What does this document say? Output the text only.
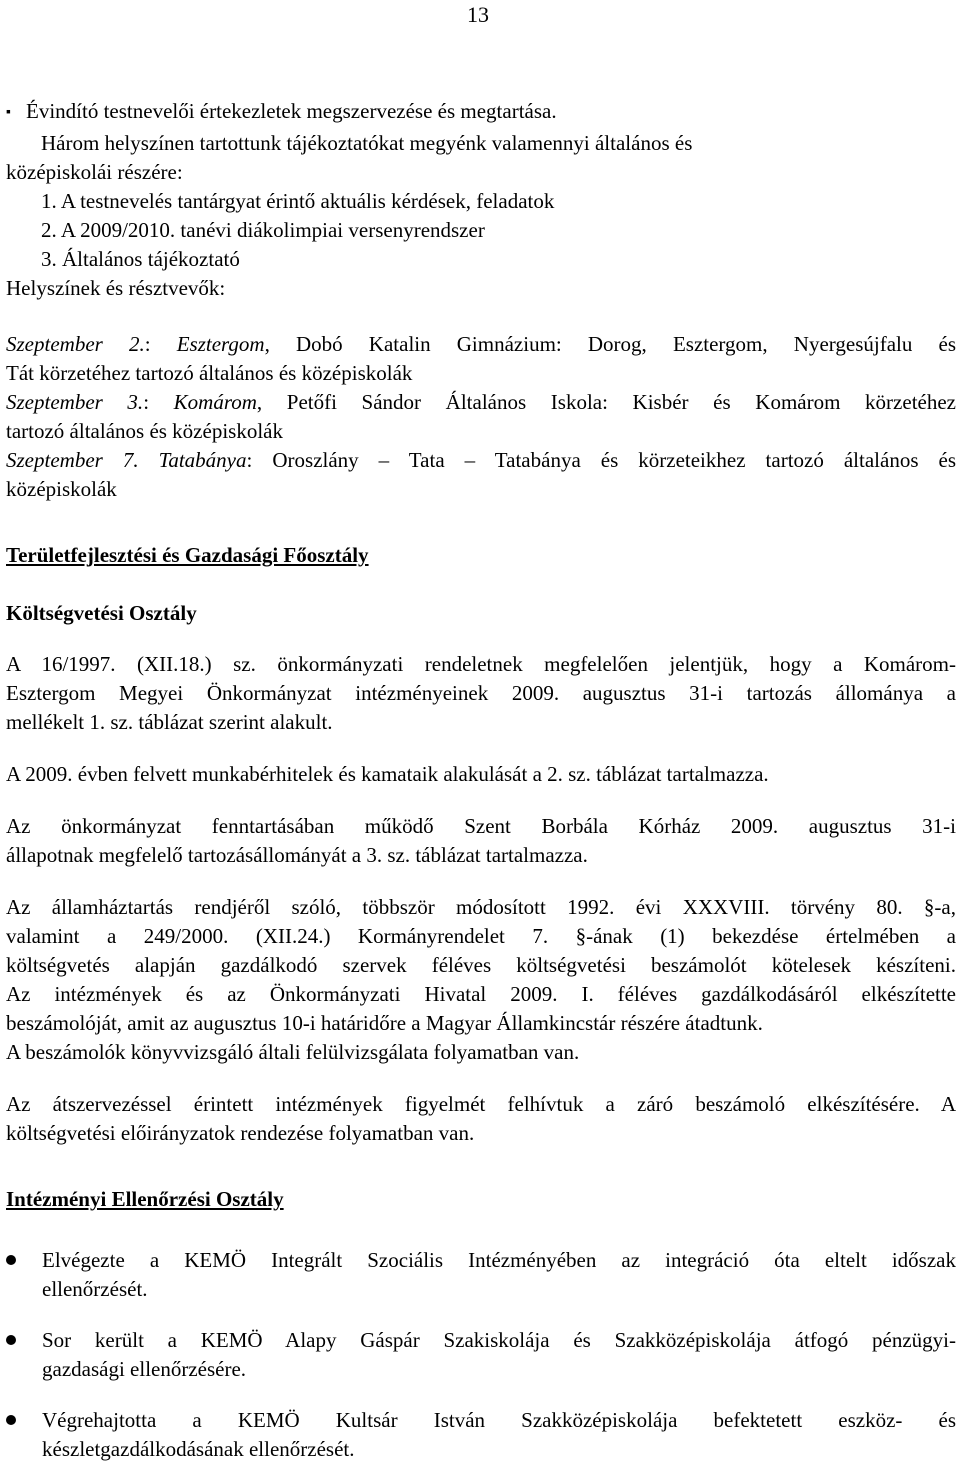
13

▪ Évindító testnevelői értekezletek megszervezése és megtartása.

Három helyszínen tartottunk tájékoztatókat megyénk valamennyi általános és

középiskolái részére:

1. A testnevelés tantárgyat érintő aktuális kérdések, feladatok

2. A 2009/2010. tanévi diákolimpiai versenyrendszer

3. Általános tájékoztató

Helyszínek és résztvevők:

Szeptember 2.: Esztergom, Dobó Katalin Gimnázium: Dorog, Esztergom, Nyergesújfalu és

Tát körzetéhez tartozó általános és középiskolák

Szeptember 3.: Komárom, Petőfi Sándor Általános Iskola: Kisbér és Komárom körzetéhez

tartozó általános és középiskolák

Szeptember 7. Tatabánya: Oroszlány – Tata – Tatabánya és körzeteikhez tartozó általános és

középiskolák

Területfejlesztési és Gazdasági Főosztály

Költségvetési Osztály

A 16/1997. (XII.18.) sz. önkormányzati rendeletnek megfelelően jelentjük, hogy a Komárom-

Esztergom Megyei Önkormányzat intézményeinek 2009. augusztus 31-i tartozás állománya a

mellékelt 1. sz. táblázat szerint alakult.

A 2009. évben felvett munkabérhitelek és kamataik alakulását a 2. sz. táblázat tartalmazza.

Az önkormányzat fenntartásában működő Szent Borbála Kórház 2009. augusztus 31-i

állapotnak megfelelő tartozásállományát a 3. sz. táblázat tartalmazza.

Az államháztartás rendjéről szóló, többször módosított 1992. évi XXXVIII. törvény 80. §-a,

valamint a 249/2000. (XII.24.) Kormányrendelet 7. §-ának (1) bekezdése értelmében a

költségvetés alapján gazdálkodó szervek féléves költségvetési beszámolót kötelesek készíteni.

Az intézmények és az Önkormányzati Hivatal 2009. I. féléves gazdálkodásáról elkészítette

beszámolóját, amit az augusztus 10-i határidőre a Magyar Államkincstár részére átadtunk.

A beszámolók könyvvizsgáló általi felülvizsgálata folyamatban van.

Az átszervezéssel érintett intézmények figyelmét felhívtuk a záró beszámoló elkészítésére. A

költségvetési előirányzatok rendezése folyamatban van.

Intézményi Ellenőrzési Osztály

Elvégezte a KEMÖ Integrált Szociális Intézményében az integráció óta eltelt időszak

ellenőrzését.

Sor került a KEMÖ Alapy Gáspár Szakiskolája és Szakközépiskolája átfogó pénzügyi-

gazdasági ellenőrzésére.

Végrehajtotta a KEMÖ Kultsár István Szakközépiskolája befektetett eszköz- és

készletgazdálkodásának ellenőrzését.
